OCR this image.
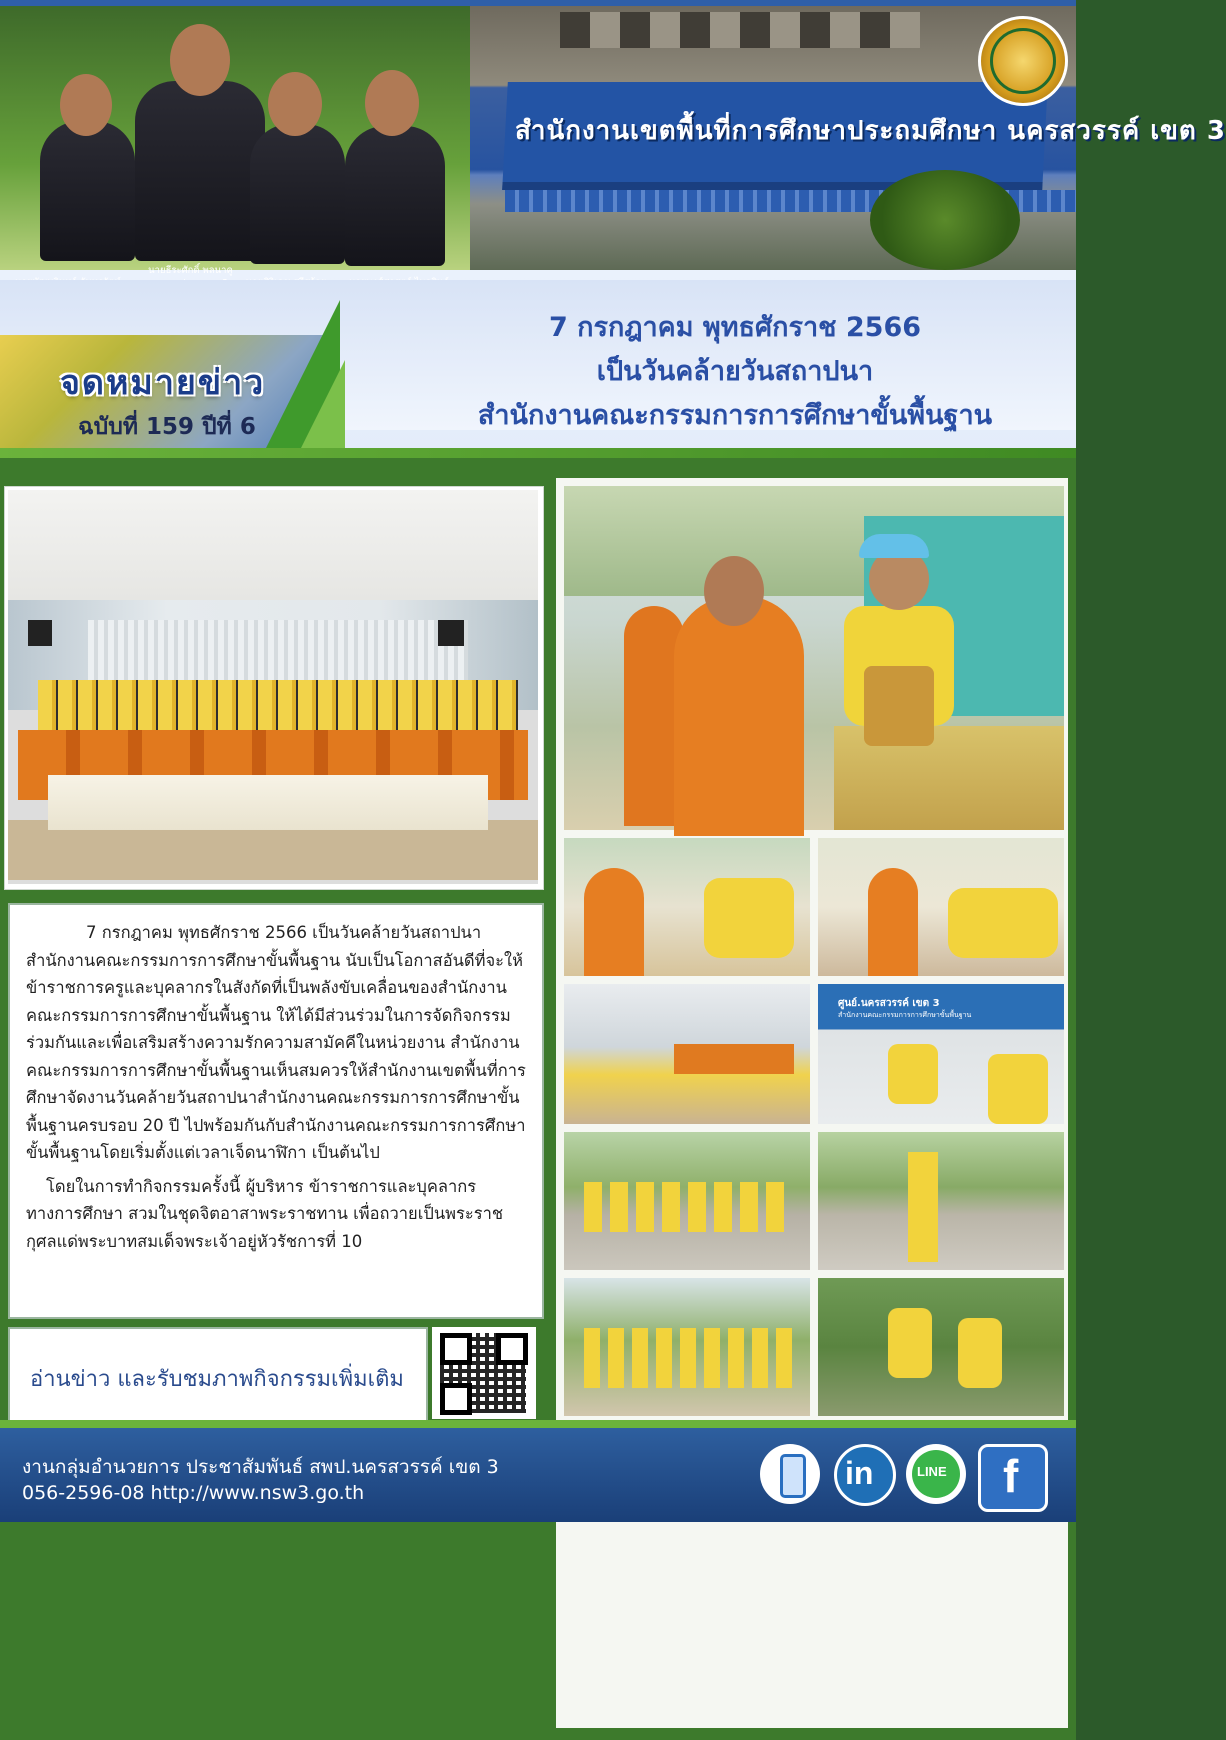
สำนักงานเขตพื้นที่การศึกษาประถมศึกษา นครสวรรค์ เขต 3
นายธีระศักดิ์ พลนาคู
จดหมายข่าว
ฉบับที่ 159 ปีที่ 6
7 กรกฎาคม พุทธศักราช 2566
เป็นวันคล้ายวันสถาปนา
สำนักงานคณะกรรมการการศึกษาขั้นพื้นฐาน

7 กรกฎาคม พุทธศักราช 2566 เป็นวันคล้ายวันสถาปนา สำนักงานคณะกรรมการการศึกษาขั้นพื้นฐาน นับเป็นโอกาสอันดีที่จะให้ข้าราชการครูและบุคลากรในสังกัดที่เป็นพลังขับเคลื่อนของสำนักงานคณะกรรมการการศึกษาขั้นพื้นฐาน ให้ได้มีส่วนร่วมในการจัดกิจกรรมร่วมกันและเพื่อเสริมสร้างความรักความสามัคคีในหน่วยงาน สำนักงานคณะกรรมการการศึกษาขั้นพื้นฐานเห็นสมควรให้สำนักงานเขตพื้นที่การศึกษาจัดงานวันคล้ายวันสถาปนาสำนักงานคณะกรรมการการศึกษาขั้นพื้นฐานครบรอบ 20 ปี ไปพร้อมกันกับสำนักงานคณะกรรมการการศึกษาขั้นพื้นฐานโดยเริ่มตั้งแต่เวลาเจ็ดนาฬิกา เป็นต้นไป

โดยในการทำกิจกรรมครั้งนี้ ผู้บริหาร ข้าราชการและบุคลากรทางการศึกษา สวมในชุดจิตอาสาพระราชทาน เพื่อถวายเป็นพระราชกุศลแด่พระบาทสมเด็จพระเจ้าอยู่หัวรัชการที่ 10

อ่านข่าว และรับชมภาพกิจกรรมเพิ่มเติม
ศูนย์.นครสวรรค์ เขต 3
สำนักงานคณะกรรมการการศึกษาขั้นพื้นฐาน
งานกลุ่มอำนวยการ ประชาสัมพันธ์ สพป.นครสวรรค์ เขต 3
056-2596-08 http://www.nsw3.go.th
in	LINE f
